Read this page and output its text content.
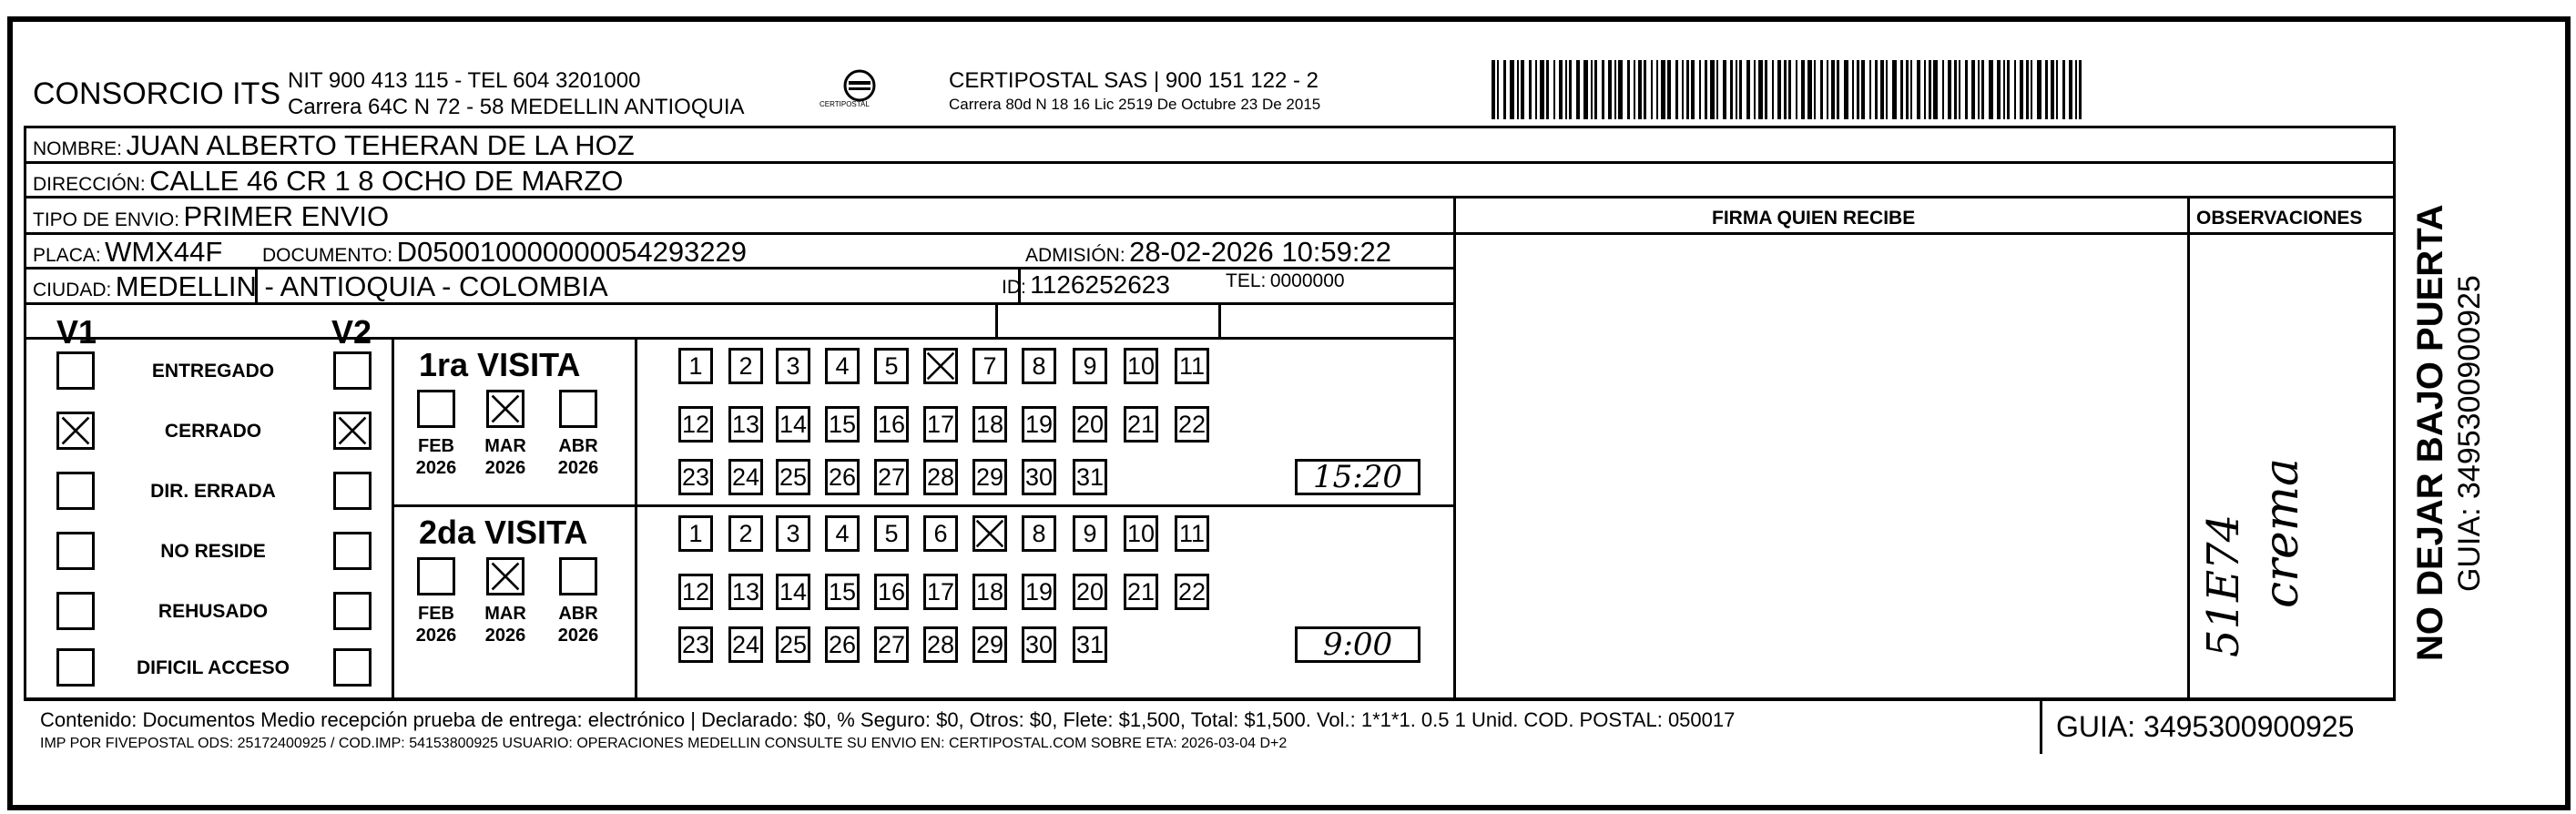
CONSORCIO ITS NIT 900 413 115 - TEL 604 3201000
Carrera 64C N 72 - 58 MEDELLIN ANTIOQUIA	CERTIPOSTAL
CERTIPOSTAL SAS | 900 151 122 - 2
Carrera 80d N 18 16 Lic 2519 De Octubre 23 De 2015
NOMBRE: JUAN ALBERTO TEHERAN DE LA HOZ
DIRECCIÓN: CALLE 46 CR 1 8 OCHO DE MARZO
TIPO DE ENVIO: PRIMER ENVIO	FIRMA QUIEN RECIBE	OBSERVACIONES
PLACA: WMX44F DOCUMENTO: D050010000000054293229	ADMISIÓN: 28-02-2026 10:59:22
CIUDAD: MEDELLIN - ANTIOQUIA - COLOMBIA	ID: 1126252623	TEL: 0000000
V1	V2
ENTREGADO
CERRADO
DIR. ERRADA
NO RESIDE
REHUSADO
DIFICIL ACCESO
1ra VISITA
FEB
2026
MAR
2026
ABR
2026
1	2	3	4	5	7	8	9	10 11
12 13 14 15 16 17 18 19 20 21 22
23 24 25 26 27 28 29 30 31	15:20
2da VISITA
FEB
2026
MAR
2026
ABR
2026
1	2	3	4	5	6	8	9	10 11
12 13 14 15 16 17 18 19 20 21 22
23 24 25 26 27 28 29 30 31	9:00	51E74 crema	NO DEJAR BAJO PUERTA GUIA: 3495300900925
Contenido: Documentos Medio recepción prueba de entrega: electrónico | Declarado: $0, % Seguro: $0, Otros: $0, Flete: $1,500, Total: $1,500. Vol.: 1*1*1. 0.5 1 Unid. COD. POSTAL: 050017
IMP POR FIVEPOSTAL ODS: 25172400925 / COD.IMP: 54153800925 USUARIO: OPERACIONES MEDELLIN CONSULTE SU ENVIO EN: CERTIPOSTAL.COM SOBRE ETA: 2026-03-04 D+2
GUIA: 3495300900925
